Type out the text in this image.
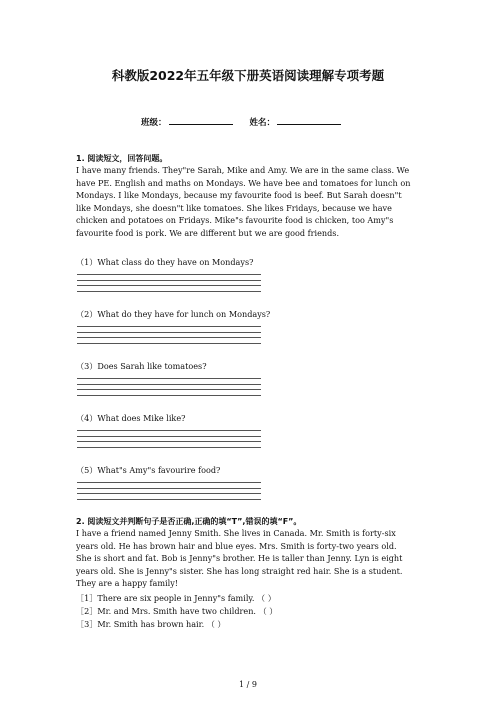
科教版2022年五年级下册英语阅读理解专项考题
班级：	姓名：
1. 阅读短文，回答问题。
I have many friends. They"re Sarah, Mike and Amy. We are in the same class. We have PE. English and maths on Mondays. We have bee and tomatoes for lunch on Mondays. I like Mondays, because my favourite food is beef. But Sarah doesn"t like Mondays, she doesn"t like tomatoes. She likes Fridays, because we have chicken and potatoes on Fridays. Mike"s favourite food is chicken, too Amy"s favourite food is pork. We are different but we are good friends.
（1）What class do they have on Mondays?
（2）What do they have for lunch on Mondays?
（3）Does Sarah like tomatoes?
（4）What does Mike like?
（5）What"s Amy"s favourire food?
2. 阅读短文并判断句子是否正确,正确的填“T”,错误的填“F”。
I have a friend named Jenny Smith. She lives in Canada. Mr. Smith is forty-six years old. He has brown hair and blue eyes. Mrs. Smith is forty-two years old. She is short and fat. Bob is Jenny"s brother. He is taller than Jenny. Lyn is eight years old. She is Jenny"s sister. She has long straight red hair. She is a student. They are a happy family!
［1］There are six people in Jenny"s family. （ ）
［2］Mr. and Mrs. Smith have two children. （ ）
［3］Mr. Smith has brown hair. （ ）
1 / 9
